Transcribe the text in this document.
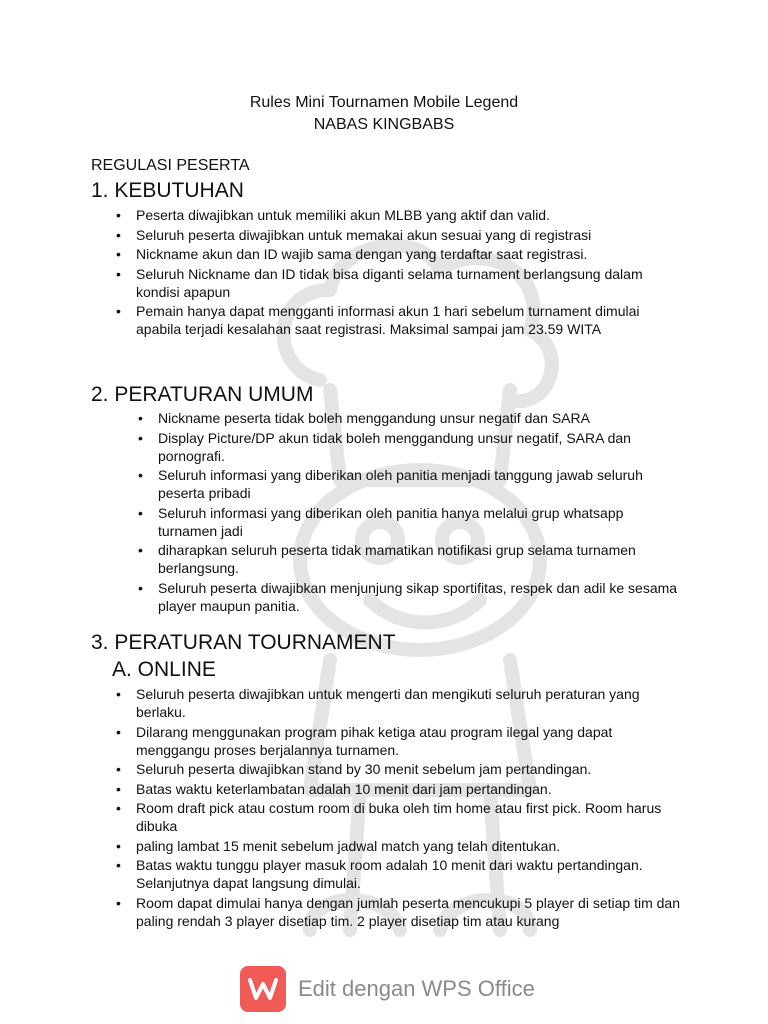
Rules Mini Tournamen Mobile Legend
NABAS KINGBABS
REGULASI PESERTA
1. KEBUTUHAN
• Peserta diwajibkan untuk memiliki akun MLBB yang aktif dan valid.
• Seluruh peserta diwajibkan untuk memakai akun sesuai yang di registrasi
• Nickname akun dan ID wajib sama dengan yang terdaftar saat registrasi.
• Seluruh Nickname dan ID tidak bisa diganti selama turnament berlangsung dalam kondisi apapun
• Pemain hanya dapat mengganti informasi akun 1 hari sebelum turnament dimulai apabila terjadi kesalahan saat registrasi. Maksimal sampai jam 23.59 WITA
2. PERATURAN UMUM
• Nickname peserta tidak boleh menggandung unsur negatif dan SARA
• Display Picture/DP akun tidak boleh menggandung unsur negatif, SARA dan pornografi.
• Seluruh informasi yang diberikan oleh panitia menjadi tanggung jawab seluruh peserta pribadi
• Seluruh informasi yang diberikan oleh panitia hanya melalui grup whatsapp turnamen jadi
• diharapkan seluruh peserta tidak mamatikan notifikasi grup selama turnamen berlangsung.
• Seluruh peserta diwajibkan menjunjung sikap sportifitas, respek dan adil ke sesama player maupun panitia.
3. PERATURAN TOURNAMENT
A. ONLINE
• Seluruh peserta diwajibkan untuk mengerti dan mengikuti seluruh peraturan yang berlaku.
• Dilarang menggunakan program pihak ketiga atau program ilegal yang dapat menggangu proses berjalannya turnamen.
• Seluruh peserta diwajibkan stand by 30 menit sebelum jam pertandingan.
• Batas waktu keterlambatan adalah 10 menit dari jam pertandingan.
• Room draft pick atau costum room di buka oleh tim home atau first pick. Room harus dibuka
• paling lambat 15 menit sebelum jadwal match yang telah ditentukan.
• Batas waktu tunggu player masuk room adalah 10 menit dari waktu pertandingan. Selanjutnya dapat langsung dimulai.
• Room dapat dimulai hanya dengan jumlah peserta mencukupi 5 player di setiap tim dan paling rendah 3 player disetiap tim. 2 player disetiap tim atau kurang
Edit dengan WPS Office
